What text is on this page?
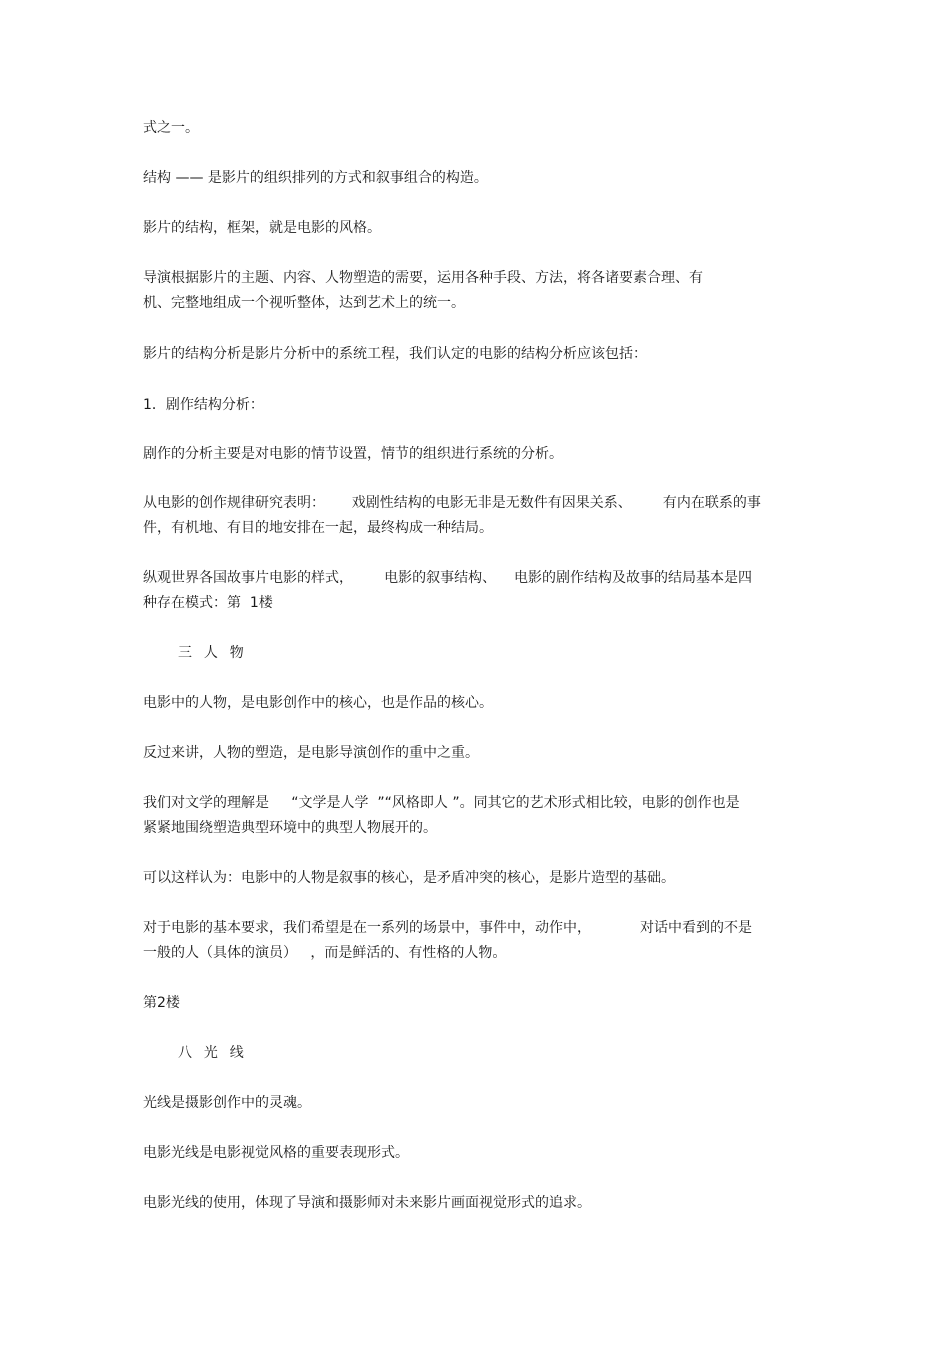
式之一。
结构 —— 是影片的组织排列的方式和叙事组合的构造。
影片的结构，框架，就是电影的风格。
导演根据影片的主题、内容、人物塑造的需要，运用各种手段、方法，将各诸要素合理、有
机、完整地组成一个视听整体，达到艺术上的统一。
影片的结构分析是影片分析中的系统工程，我们认定的电影的结构分析应该包括：
1．剧作结构分析：
剧作的分析主要是对电影的情节设置，情节的组织进行系统的分析。
从电影的创作规律研究表明：      戏剧性结构的电影无非是无数件有因果关系、       有内在联系的事
件，有机地、有目的地安排在一起，最终构成一种结局。
纵观世界各国故事片电影的样式，       电影的叙事结构、    电影的剧作结构及故事的结局基本是四
种存在模式：第  1楼
三  人  物
电影中的人物，是电影创作中的核心，也是作品的核心。
反过来讲，人物的塑造，是电影导演创作的重中之重。
我们对文学的理解是     “文学是人学  ”“风格即人 ”。同其它的艺术形式相比较，电影的创作也是
紧紧地围绕塑造典型环境中的典型人物展开的。
可以这样认为：电影中的人物是叙事的核心，是矛盾冲突的核心，是影片造型的基础。
对于电影的基本要求，我们希望是在一系列的场景中，事件中，动作中，           对话中看到的不是
一般的人（具体的演员）   ，而是鲜活的、有性格的人物。
第2楼
八  光  线
光线是摄影创作中的灵魂。
电影光线是电影视觉风格的重要表现形式。
电影光线的使用，体现了导演和摄影师对未来影片画面视觉形式的追求。
